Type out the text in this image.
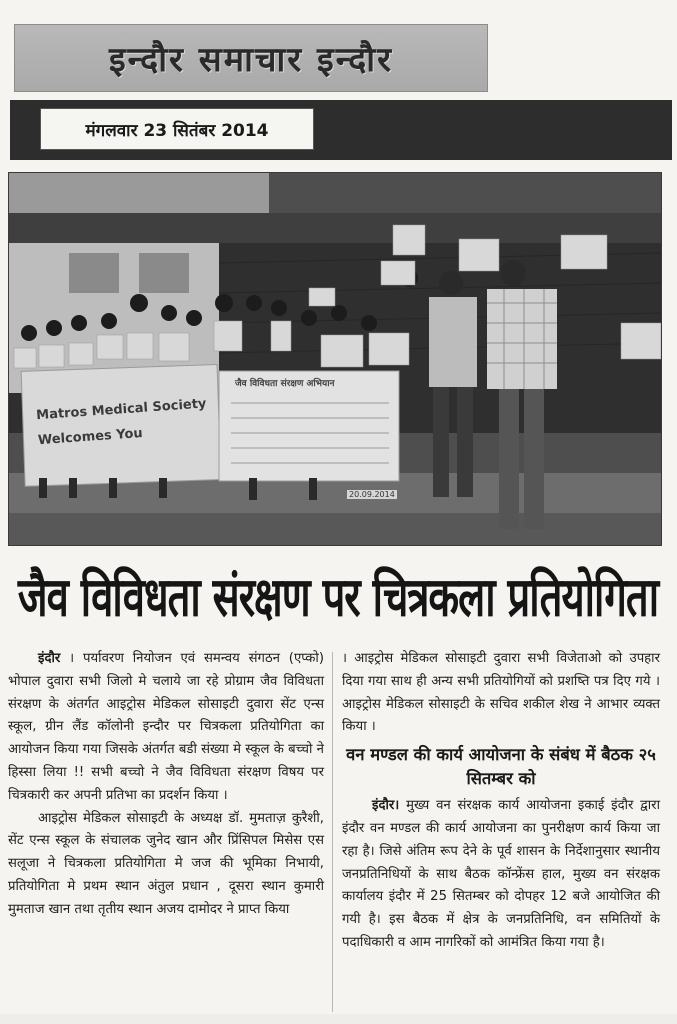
इन्दौर समाचार इन्दौर
मंगलवार 23 सितंबर 2014
Matros Medical Society
Welcomes You
जैव विविधता संरक्षण अभियान
20.09.2014
जैव विविधता संरक्षण पर चित्रकला प्रतियोगिता

इंदौर । पर्यावरण नियोजन एवं समन्वय संगठन (एप्को) भोपाल दुवारा सभी जिलो मे चलाये जा रहे प्रोग्राम जैव विविधता संरक्षण के अंतर्गत आइट्रोस मेडिकल सोसाइटी दुवारा सेंट एन्स स्कूल, ग्रीन लैंड कॉलोनी इन्दौर पर चित्रकला प्रतियोगिता का आयोजन किया गया जिसके अंतर्गत बडी संख्या मे स्कूल के बच्चो ने हिस्सा लिया !! सभी बच्चो ने जैव विविधता संरक्षण विषय पर चित्रकारी कर अपनी प्रतिभा का प्रदर्शन किया ।

आइट्रोस मेडिकल सोसाइटी के अध्यक्ष डॉ. मुमताज़ कुरैशी, सेंट एन्स स्कूल के संचालक जुनेद खान और प्रिंसिपल मिसेस एस सलूजा ने चित्रकला प्रतियोगिता मे जज की भूमिका निभायी, प्रतियोगिता मे प्रथम स्थान अंतुल प्रधान , दूसरा स्थान कुमारी मुमताज खान तथा तृतीय स्थान अजय दामोदर ने प्राप्त किया

। आइट्रोस मेडिकल सोसाइटी दुवारा सभी विजेताओ को उपहार दिया गया साथ ही अन्य सभी प्रतियोगियों को प्रशष्ति पत्र दिए गये ।आइट्रोस मेडिकल सोसाइटी के सचिव शकील शेख ने आभार व्यक्त किया ।

वन मण्डल की कार्य आयोजना के संबंध में बैठक २५ सितम्बर को

इंदौर। मुख्य वन संरक्षक कार्य आयोजना इकाई इंदौर द्वारा इंदौर वन मण्डल की कार्य आयोजना का पुनरीक्षण कार्य किया जा रहा है। जिसे अंतिम रूप देने के पूर्व शासन के निर्देशानुसार स्थानीय जनप्रतिनिधियों के साथ बैठक कॉन्फ्रेंस हाल, मुख्य वन संरक्षक कार्यालय इंदौर में 25 सितम्बर को दोपहर 12 बजे आयोजित की गयी है। इस बैठक में क्षेत्र के जनप्रतिनिधि, वन समितियों के पदाधिकारी व आम नागरिकों को आमंत्रित किया गया है।
